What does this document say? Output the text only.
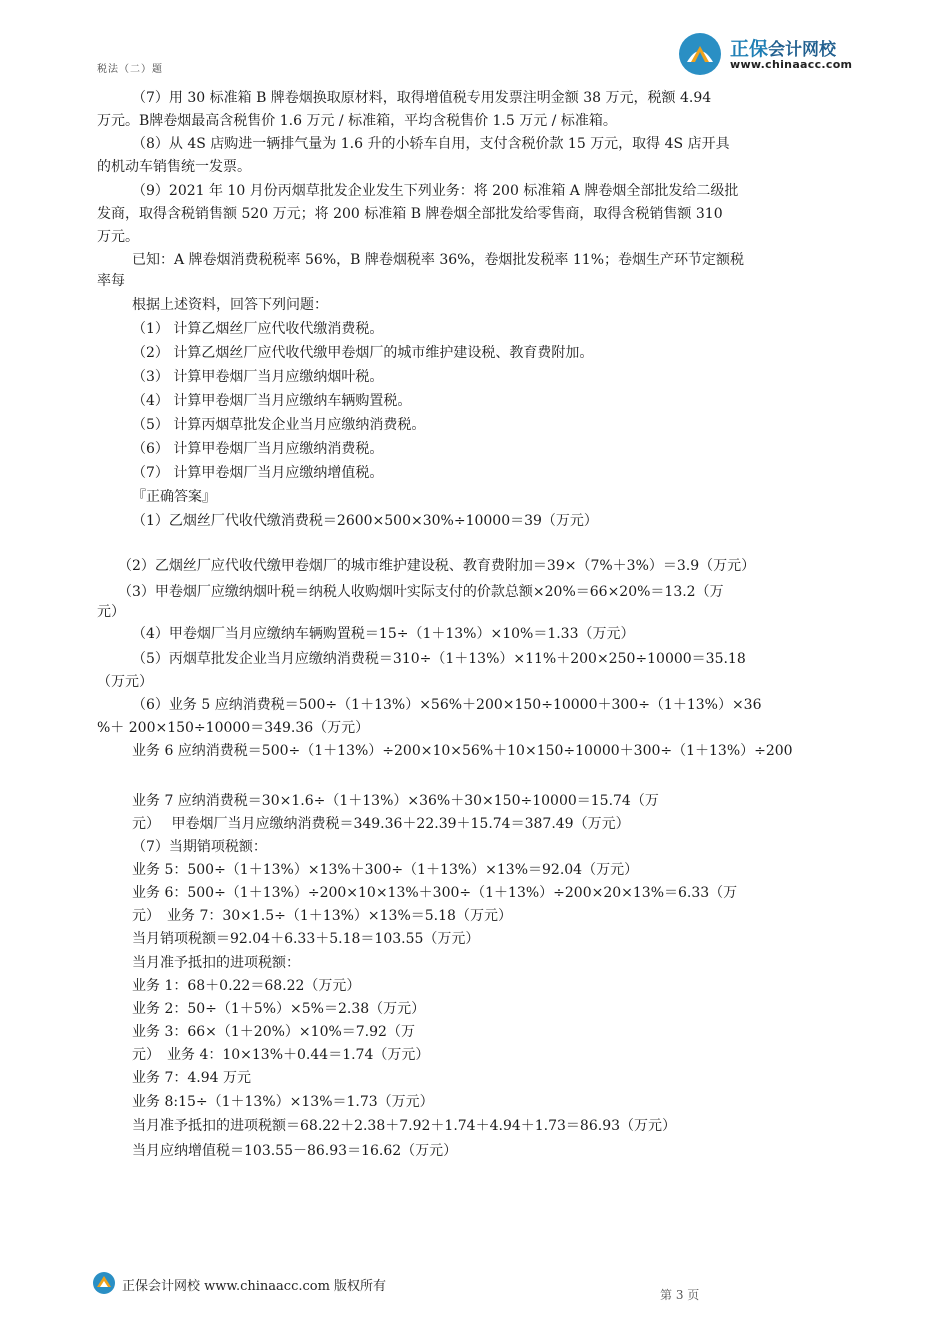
税法（二）题
正保会计网校
www.chinaacc.com
（7）用 30 标准箱 B 牌卷烟换取原材料，取得增值税专用发票注明金额 38 万元，税额 4.94
万元。B牌卷烟最高含税售价 1.6 万元 / 标准箱，平均含税售价 1.5 万元 / 标准箱。
（8）从 4S 店购进一辆排气量为 1.6 升的小轿车自用，支付含税价款 15 万元，取得 4S 店开具
的机动车销售统一发票。
（9）2021 年 10 月份丙烟草批发企业发生下列业务：将 200 标准箱 A 牌卷烟全部批发给二级批
发商，取得含税销售额 520 万元；将 200 标准箱 B 牌卷烟全部批发给零售商，取得含税销售额 310
万元。
已知：A 牌卷烟消费税税率 56%，B 牌卷烟税率 36%，卷烟批发税率 11%；卷烟生产环节定额税
率每
根据上述资料，回答下列问题：
（1） 计算乙烟丝厂应代收代缴消费税。
（2） 计算乙烟丝厂应代收代缴甲卷烟厂的城市维护建设税、教育费附加。
（3） 计算甲卷烟厂当月应缴纳烟叶税。
（4） 计算甲卷烟厂当月应缴纳车辆购置税。
（5） 计算丙烟草批发企业当月应缴纳消费税。
（6） 计算甲卷烟厂当月应缴纳消费税。
（7） 计算甲卷烟厂当月应缴纳增值税。
『正确答案』
（1）乙烟丝厂代收代缴消费税＝2600×500×30%÷10000＝39（万元）
（2）乙烟丝厂应代收代缴甲卷烟厂的城市维护建设税、教育费附加＝39×（7%＋3%）＝3.9（万元）
（3）甲卷烟厂应缴纳烟叶税＝纳税人收购烟叶实际支付的价款总额×20%＝66×20%＝13.2（万
元）
（4）甲卷烟厂当月应缴纳车辆购置税＝15÷（1＋13%）×10%＝1.33（万元）
（5）丙烟草批发企业当月应缴纳消费税＝310÷（1＋13%）×11%＋200×250÷10000＝35.18
（万元）
（6）业务 5 应纳消费税＝500÷（1＋13%）×56%＋200×150÷10000＋300÷（1＋13%）×36
%＋ 200×150÷10000＝349.36（万元）
业务 6 应纳消费税＝500÷（1＋13%）÷200×10×56%＋10×150÷10000＋300÷（1＋13%）÷200
业务 7 应纳消费税＝30×1.6÷（1＋13%）×36%＋30×150÷10000＝15.74（万
元）　 甲卷烟厂当月应缴纳消费税＝349.36＋22.39＋15.74＝387.49（万元）
（7）当期销项税额：
业务 5：500÷（1＋13%）×13%＋300÷（1＋13%）×13%＝92.04（万元）
业务 6：500÷（1＋13%）÷200×10×13%＋300÷（1＋13%）÷200×20×13%＝6.33（万
元）　业务 7：30×1.5÷（1＋13%）×13%＝5.18（万元）
当月销项税额＝92.04＋6.33＋5.18＝103.55（万元）
当月准予抵扣的进项税额：
业务 1：68＋0.22＝68.22（万元）
业务 2：50÷（1＋5%）×5%＝2.38（万元）
业务 3：66×（1＋20%）×10%＝7.92（万
元）　业务 4：10×13%＋0.44＝1.74（万元）
业务 7：4.94 万元
业务 8:15÷（1＋13%）×13%＝1.73（万元）
当月准予抵扣的进项税额＝68.22＋2.38＋7.92＋1.74＋4.94＋1.73＝86.93（万元）
当月应纳增值税＝103.55－86.93＝16.62（万元）
正保会计网校 www.chinaacc.com 版权所有
第 3 页
